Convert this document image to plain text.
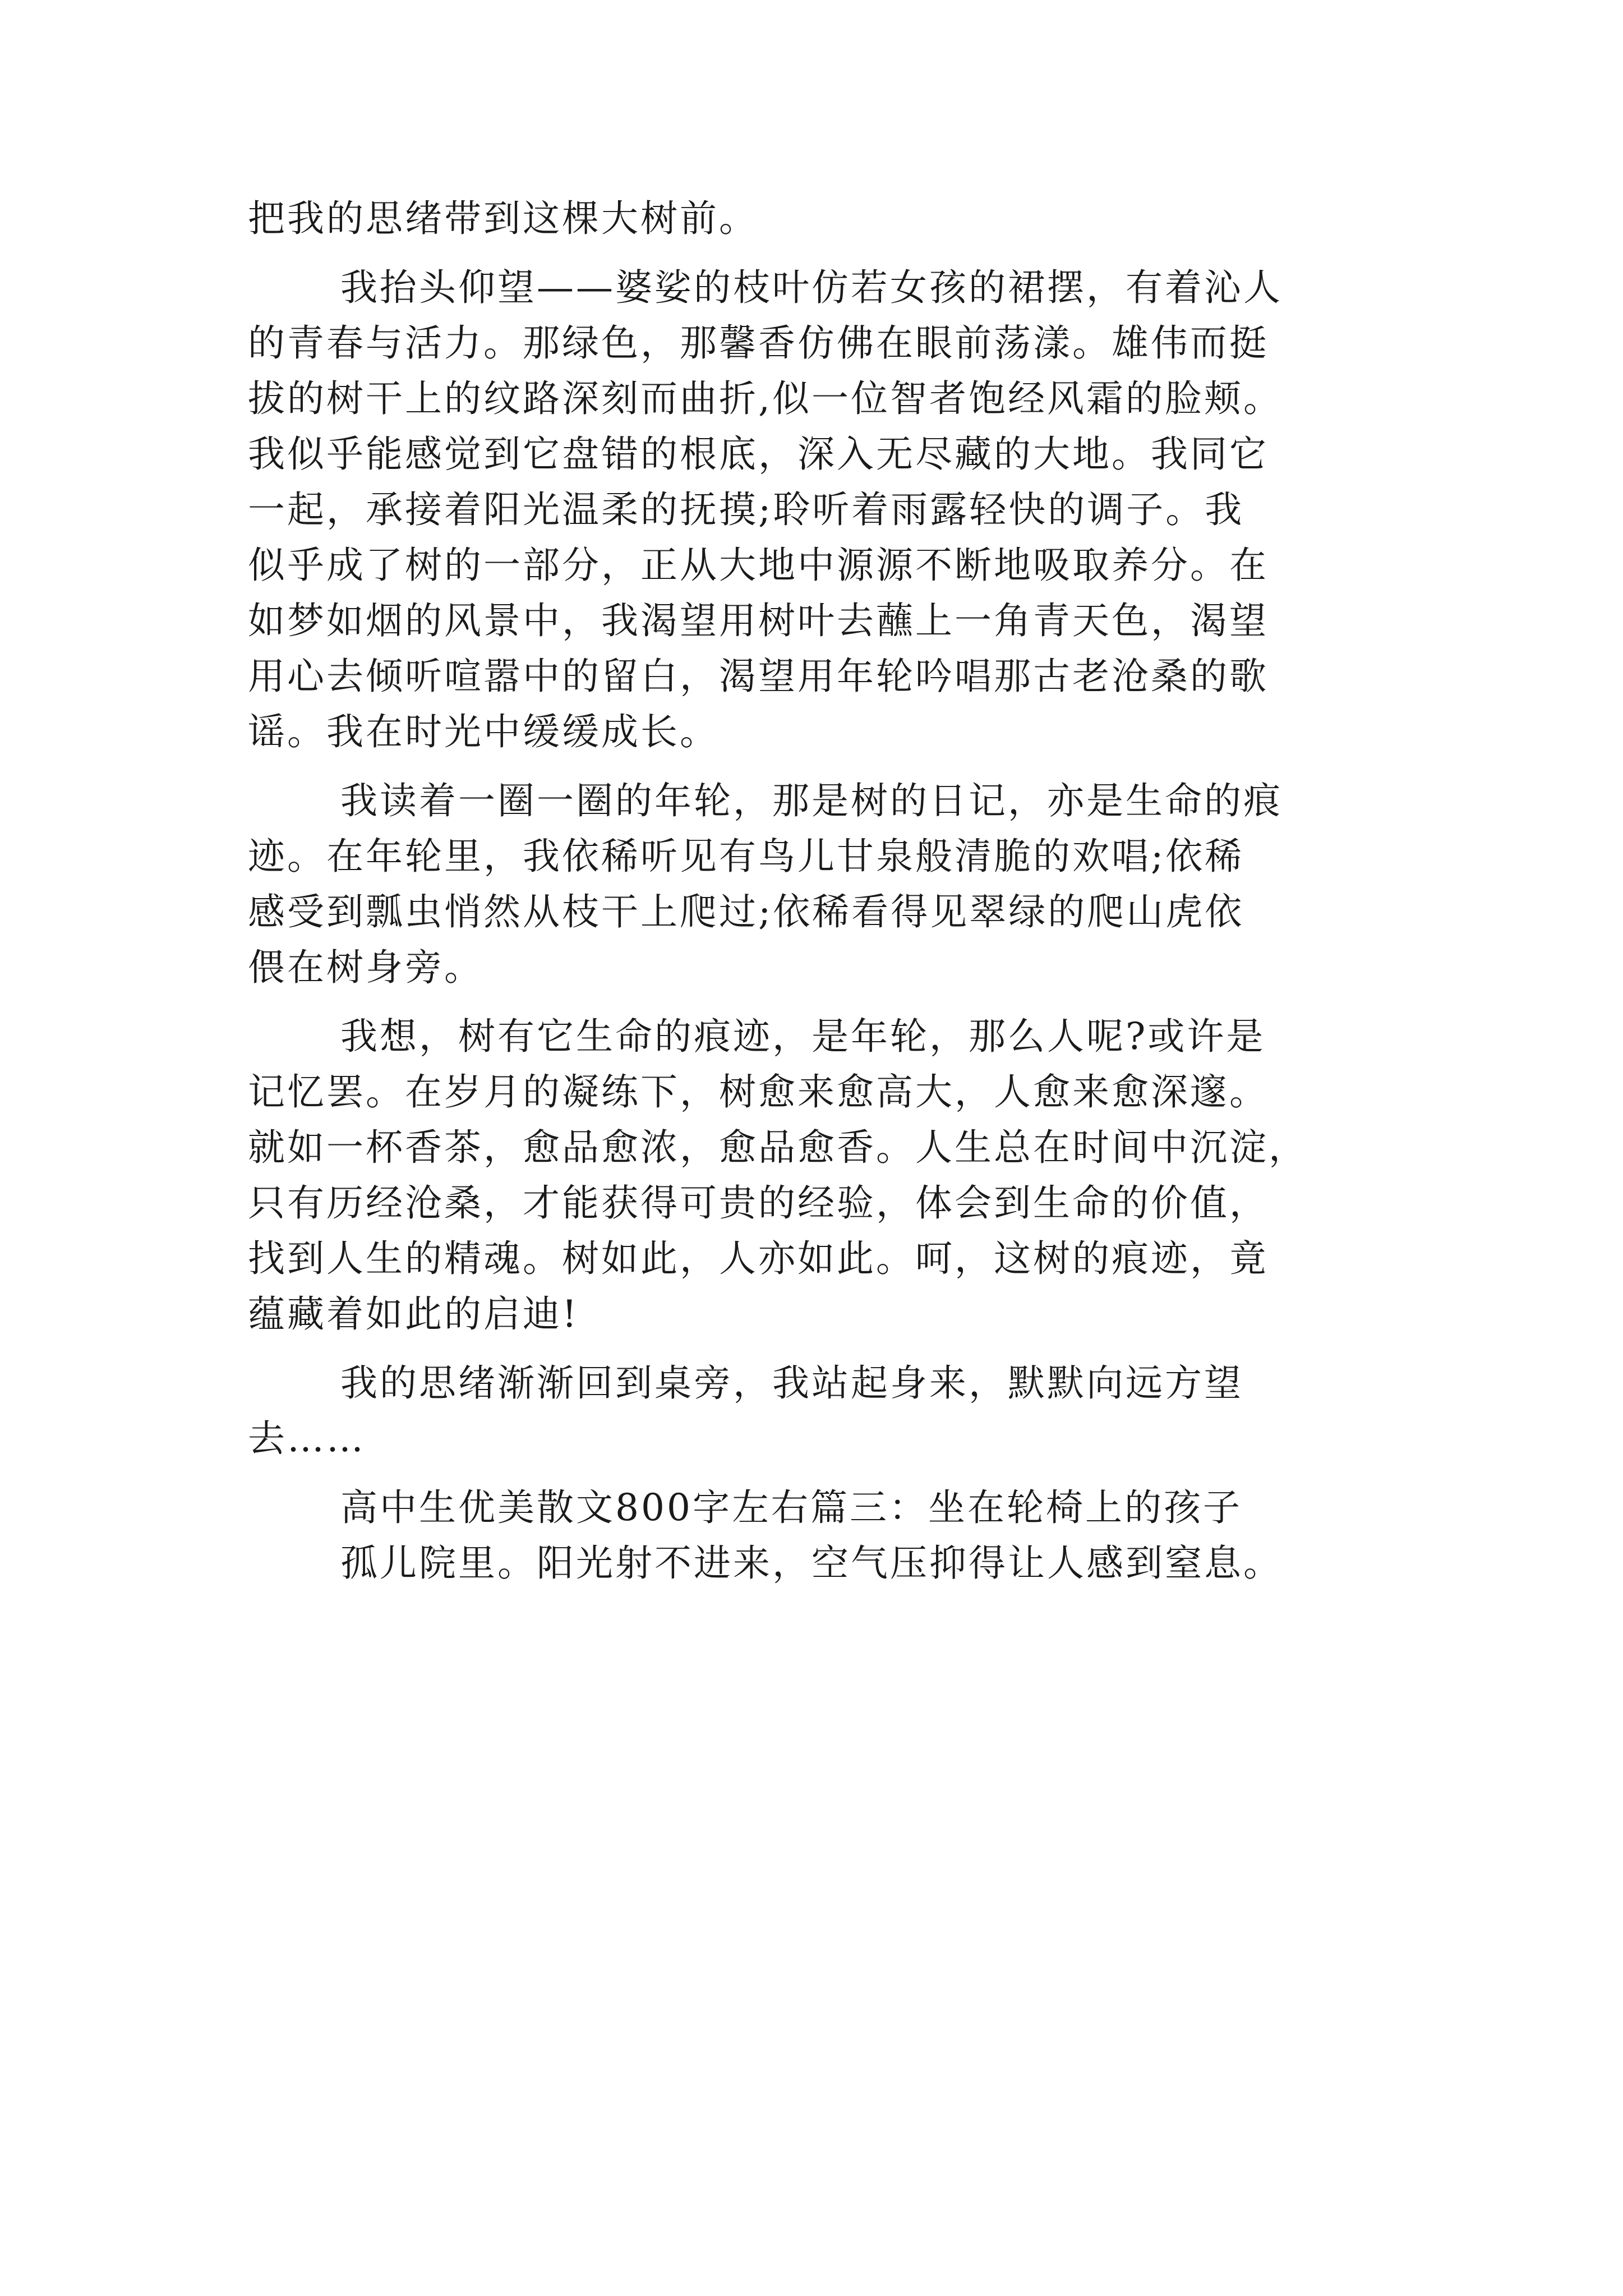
把我的思绪带到这棵大树前。
我抬头仰望——婆娑的枝叶仿若女孩的裙摆，有着沁人
的青春与活力。那绿色，那馨香仿佛在眼前荡漾。雄伟而挺
拔的树干上的纹路深刻而曲折,似一位智者饱经风霜的脸颊。
我似乎能感觉到它盘错的根底，深入无尽藏的大地。我同它
一起，承接着阳光温柔的抚摸;聆听着雨露轻快的调子。我
似乎成了树的一部分，正从大地中源源不断地吸取养分。在
如梦如烟的风景中，我渴望用树叶去蘸上一角青天色，渴望
用心去倾听喧嚣中的留白，渴望用年轮吟唱那古老沧桑的歌
谣。我在时光中缓缓成长。
我读着一圈一圈的年轮，那是树的日记，亦是生命的痕
迹。在年轮里，我依稀听见有鸟儿甘泉般清脆的欢唱;依稀
感受到瓢虫悄然从枝干上爬过;依稀看得见翠绿的爬山虎依
偎在树身旁。
我想，树有它生命的痕迹，是年轮，那么人呢?或许是
记忆罢。在岁月的凝练下，树愈来愈高大，人愈来愈深邃。
就如一杯香茶，愈品愈浓，愈品愈香。人生总在时间中沉淀，
只有历经沧桑，才能获得可贵的经验，体会到生命的价值，
找到人生的精魂。树如此，人亦如此。呵，这树的痕迹，竟
蕴藏着如此的启迪!
我的思绪渐渐回到桌旁，我站起身来，默默向远方望
去……
高中生优美散文800字左右篇三：坐在轮椅上的孩子
孤儿院里。阳光射不进来，空气压抑得让人感到窒息。
